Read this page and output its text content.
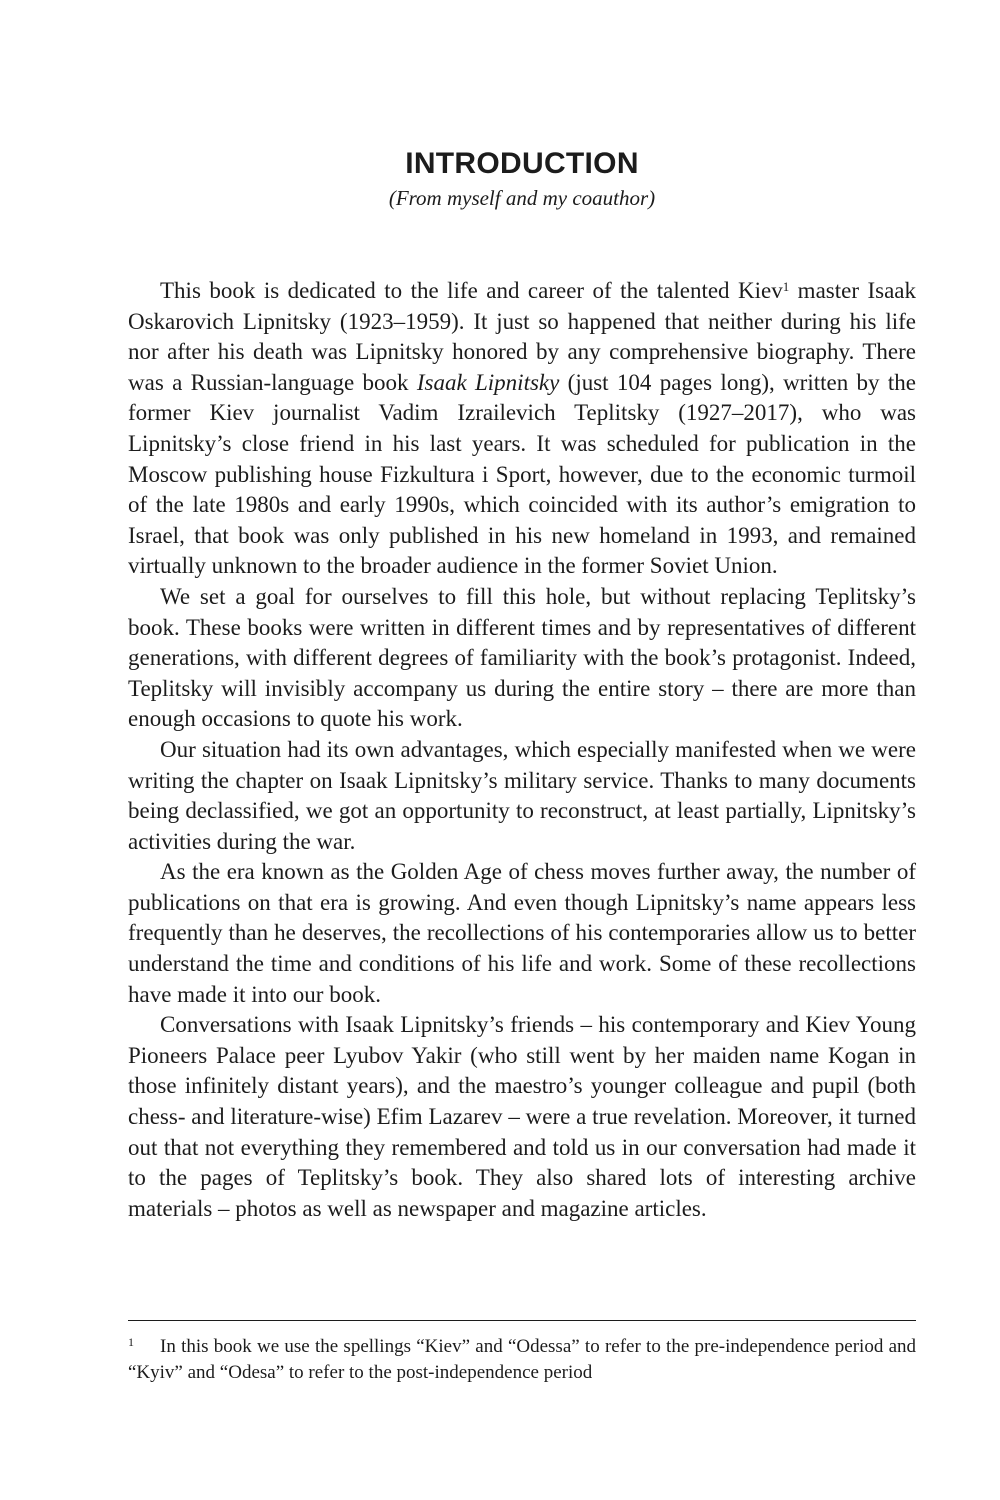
INTRODUCTION
(From myself and my coauthor)

This book is dedicated to the life and career of the talented Kiev$^1$ master Isaak Oskarovich Lipnitsky (1923–1959). It just so happened that neither during his life nor after his death was Lipnitsky honored by any comprehensive biography. There was a Russian-language book Isaak Lipnitsky (just 104 pages long), written by the former Kiev journalist Vadim Izrailevich Teplitsky (1927–2017), who was Lipnitsky’s close friend in his last years. It was scheduled for publication in the Moscow publishing house Fizkultura i Sport, however, due to the economic turmoil of the late 1980s and early 1990s, which coincided with its author’s emigration to Israel, that book was only published in his new homeland in 1993, and remained virtually unknown to the broader audience in the former Soviet Union.

We set a goal for ourselves to fill this hole, but without replacing Teplitsky’s book. These books were written in different times and by representatives of different generations, with different degrees of familiarity with the book’s protagonist. Indeed, Teplitsky will invisibly accompany us during the entire story – there are more than enough occasions to quote his work.

Our situation had its own advantages, which especially manifested when we were writing the chapter on Isaak Lipnitsky’s military service. Thanks to many documents being declassified, we got an opportunity to reconstruct, at least partially, Lipnitsky’s activities during the war.

As the era known as the Golden Age of chess moves further away, the number of publications on that era is growing. And even though Lipnitsky’s name appears less frequently than he deserves, the recollections of his contemporaries allow us to better understand the time and conditions of his life and work. Some of these recollections have made it into our book.

Conversations with Isaak Lipnitsky’s friends – his contemporary and Kiev Young Pioneers Palace peer Lyubov Yakir (who still went by her maiden name Kogan in those infinitely distant years), and the maestro’s younger colleague and pupil (both chess- and literature-wise) Efim Lazarev – were a true revelation. Moreover, it turned out that not everything they remembered and told us in our conversation had made it to the pages of Teplitsky’s book. They also shared lots of interesting archive materials – photos as well as newspaper and magazine articles.

1 In this book we use the spellings “Kiev” and “Odessa” to refer to the pre-independence period and “Kyiv” and “Odesa” to refer to the post-independence period
